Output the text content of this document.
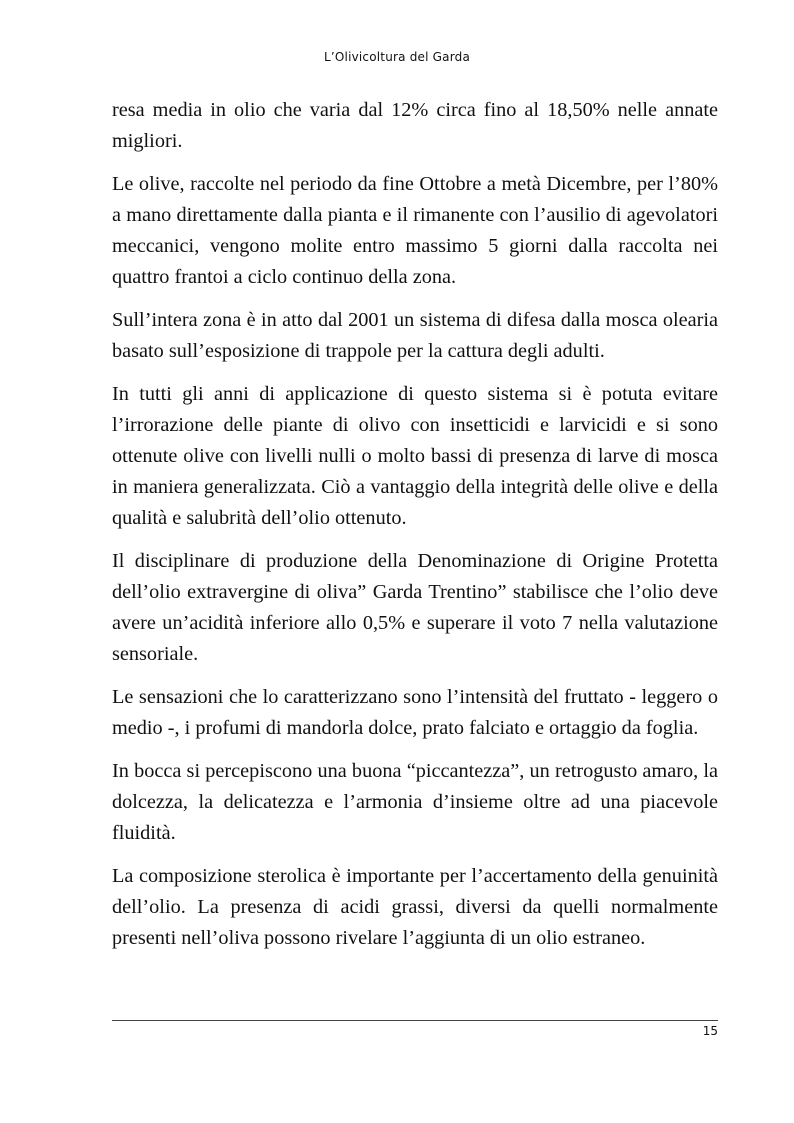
L’Olivicoltura del Garda

resa media in olio che varia dal 12% circa fino al 18,50% nelle annate migliori.

Le olive, raccolte nel periodo da fine Ottobre a metà Dicembre, per l’80% a mano direttamente dalla pianta e il rimanente con l’ausilio di agevolatori meccanici, vengono molite entro massimo 5 giorni dalla raccolta nei quattro frantoi a ciclo continuo della zona.

Sull’intera zona è in atto dal 2001 un sistema di difesa dalla mosca olearia basato sull’esposizione di trappole per la cattura degli adulti.

In tutti gli anni di applicazione di questo sistema si è potuta evitare l’irrorazione delle piante di olivo con insetticidi e larvicidi e si sono ottenute olive con livelli nulli o molto bassi di presenza di larve di mosca in maniera generalizzata. Ciò a vantaggio della integrità delle olive e della qualità e salubrità dell’olio ottenuto.

Il disciplinare di produzione della Denominazione di Origine Protetta dell’olio extravergine di oliva” Garda Trentino” stabilisce che l’olio deve avere un’acidità inferiore allo 0,5% e superare il voto 7 nella valutazione sensoriale.

Le sensazioni che lo caratterizzano sono l’intensità del fruttato - leggero o medio -, i profumi di mandorla dolce, prato falciato e ortaggio da foglia.

In bocca si percepiscono una buona “piccantezza”, un retrogusto amaro, la dolcezza, la delicatezza e l’armonia d’insieme oltre ad una piacevole fluidità.

La composizione sterolica è importante per l’accertamento della genuinità dell’olio. La presenza di acidi grassi, diversi da quelli normalmente presenti nell’oliva possono rivelare l’aggiunta di un olio estraneo.

15
